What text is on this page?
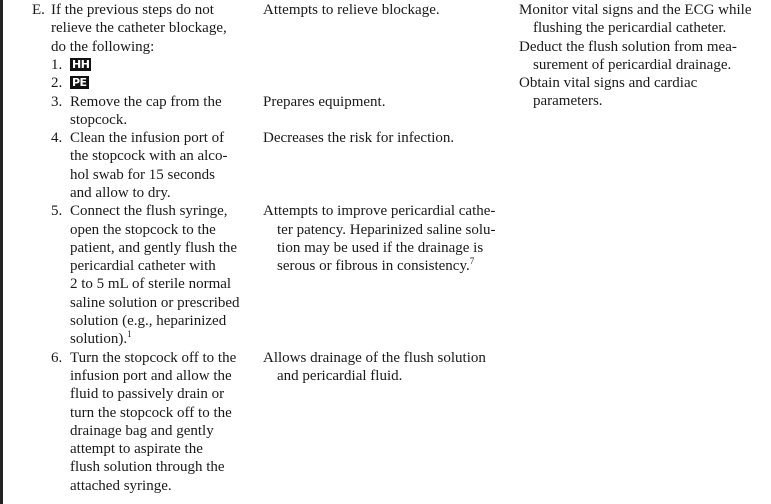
E. If the previous steps do not
relieve the catheter blockage,
do the following:
Attempts to relieve blockage.	Monitor vital signs and the ECG while
flushing the pericardial catheter.
Deduct the flush solution from mea-
surement of pericardial drainage.
Obtain vital signs and cardiac
parameters.
1. HH
2. PE
3. Remove the cap from the
stopcock.
Prepares equipment.
4. Clean the infusion port of
the stopcock with an alco-
hol swab for 15 seconds
and allow to dry.
Decreases the risk for infection.
5. Connect the flush syringe,
open the stopcock to the
patient, and gently flush the
pericardial catheter with
2 to 5 mL of sterile normal
saline solution or prescribed
solution (e.g., heparinized
solution).$^1$
Attempts to improve pericardial cathe-
ter patency. Heparinized saline solu-
tion may be used if the drainage is
serous or fibrous in consistency.$^7$
6. Turn the stopcock off to the
infusion port and allow the
fluid to passively drain or
turn the stopcock off to the
drainage bag and gently
attempt to aspirate the
flush solution through the
attached syringe.
Allows drainage of the flush solution
and pericardial fluid.
